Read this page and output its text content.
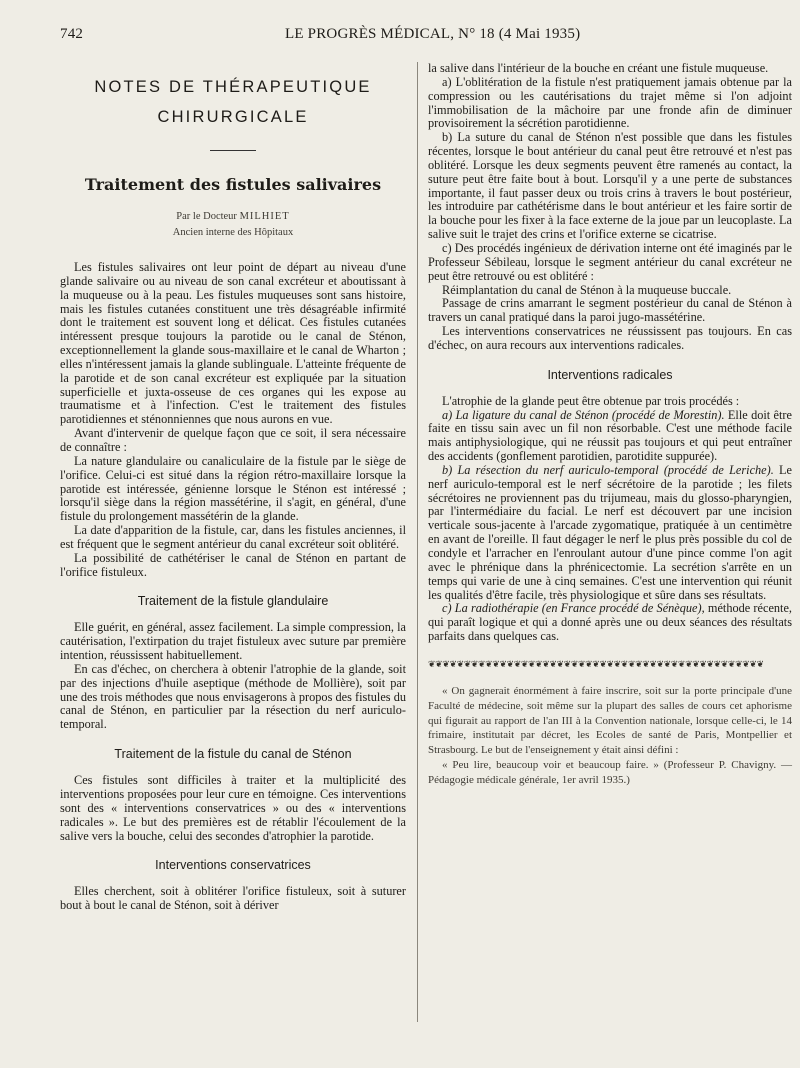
742	LE PROGRÈS MÉDICAL, N° 18 (4 Mai 1935)
NOTES DE THÉRAPEUTIQUE
CHIRURGICALE
Traitement des fistules salivaires
Par le Docteur MILHIET
Ancien interne des Hôpitaux

Les fistules salivaires ont leur point de départ au niveau d'une glande salivaire ou au niveau de son canal excréteur et aboutissant à la muqueuse ou à la peau. Les fistules muqueuses sont sans histoire, mais les fistules cutanées constituent une très désagréable infirmité dont le traitement est souvent long et délicat. Ces fistules cutanées intéressent presque toujours la parotide ou le canal de Sténon, exceptionnellement la glande sous-maxillaire et le canal de Wharton ; elles n'intéressent jamais la glande sublinguale. L'atteinte fréquente de la parotide et de son canal excréteur est expliquée par la situation superficielle et juxta-osseuse de ces organes qui les expose au traumatisme et à l'infection. C'est le traitement des fistules parotidiennes et sténonniennes que nous aurons en vue.

Avant d'intervenir de quelque façon que ce soit, il sera nécessaire de connaître :

La nature glandulaire ou canaliculaire de la fistule par le siège de l'orifice. Celui-ci est situé dans la région rétro-maxillaire lorsque la parotide est intéressée, génienne lorsque le Sténon est intéressé ; lorsqu'il siège dans la région massétérine, il s'agit, en général, d'une fistule du prolongement massétérin de la glande.

La date d'apparition de la fistule, car, dans les fistules anciennes, il est fréquent que le segment antérieur du canal excréteur soit oblitéré.

La possibilité de cathétériser le canal de Sténon en partant de l'orifice fistuleux.

Traitement de la fistule glandulaire

Elle guérit, en général, assez facilement. La simple compression, la cautérisation, l'extirpation du trajet fistuleux avec suture par première intention, réussissent habituellement.

En cas d'échec, on cherchera à obtenir l'atrophie de la glande, soit par des injections d'huile aseptique (méthode de Mollière), soit par une des trois méthodes que nous envisagerons à propos des fistules du canal de Sténon, en particulier par la résection du nerf auriculo-temporal.

Traitement de la fistule du canal de Sténon

Ces fistules sont difficiles à traiter et la multiplicité des interventions proposées pour leur cure en témoigne. Ces interventions sont des « interventions conservatrices » ou des « interventions radicales ». Le but des premières est de rétablir l'écoulement de la salive vers la bouche, celui des secondes d'atrophier la parotide.

Interventions conservatrices

Elles cherchent, soit à oblitérer l'orifice fistuleux, soit à suturer bout à bout le canal de Sténon, soit à dériver

la salive dans l'intérieur de la bouche en créant une fistule muqueuse.

a) L'oblitération de la fistule n'est pratiquement jamais obtenue par la compression ou les cautérisations du trajet même si l'on adjoint l'immobilisation de la mâchoire par une fronde afin de diminuer provisoirement la sécrétion parotidienne.

b) La suture du canal de Sténon n'est possible que dans les fistules récentes, lorsque le bout antérieur du canal peut être retrouvé et n'est pas oblitéré. Lorsque les deux segments peuvent être ramenés au contact, la suture peut être faite bout à bout. Lorsqu'il y a une perte de substances importante, il faut passer deux ou trois crins à travers le bout postérieur, les introduire par cathétérisme dans le bout antérieur et les faire sortir de la bouche pour les fixer à la face externe de la joue par un leucoplaste. La salive suit le trajet des crins et l'orifice externe se cicatrise.

c) Des procédés ingénieux de dérivation interne ont été imaginés par le Professeur Sébileau, lorsque le segment antérieur du canal excréteur ne peut être retrouvé ou est oblitéré :

Réimplantation du canal de Sténon à la muqueuse buccale.

Passage de crins amarrant le segment postérieur du canal de Sténon à travers un canal pratiqué dans la paroi jugo-massétérine.

Les interventions conservatrices ne réussissent pas toujours. En cas d'échec, on aura recours aux interventions radicales.

Interventions radicales

L'atrophie de la glande peut être obtenue par trois procédés :

a) La ligature du canal de Sténon (procédé de Morestin). Elle doit être faite en tissu sain avec un fil non résorbable. C'est une méthode facile mais antiphysiologique, qui ne réussit pas toujours et qui peut entraîner des accidents (gonflement parotidien, parotidite suppurée).

b) La résection du nerf auriculo-temporal (procédé de Leriche). Le nerf auriculo-temporal est le nerf sécrétoire de la parotide ; les filets sécrétoires ne proviennent pas du trijumeau, mais du glosso-pharyngien, par l'intermédiaire du facial. Le nerf est découvert par une incision verticale sous-jacente à l'arcade zygomatique, pratiquée à un centimètre en avant de l'oreille. Il faut dégager le nerf le plus près possible du col de condyle et l'arracher en l'enroulant autour d'une pince comme l'on agit avec le phrénique dans la phrénicectomie. La secrétion s'arrête en un temps qui varie de une à cinq semaines. C'est une intervention qui réunit les qualités d'être facile, très physiologique et sûre dans ses résultats.

c) La radiothérapie (en France procédé de Sénèque), méthode récente, qui paraît logique et qui a donné après une ou deux séances des résultats parfaits dans quelques cas.

❦❦❦❦❦❦❦❦❦❦❦❦❦❦❦❦❦❦❦❦❦❦❦❦❦❦❦❦❦❦❦❦❦❦❦❦❦❦❦❦❦❦❦❦❦❦❦

« On gagnerait énormément à faire inscrire, soit sur la porte principale d'une Faculté de médecine, soit même sur la plupart des salles de cours cet aphorisme qui figurait au rapport de l'an III à la Convention nationale, lorsque celle-ci, le 14 frimaire, institutait par décret, les Ecoles de santé de Paris, Montpellier et Strasbourg. Le but de l'enseignement y était ainsi défini :

« Peu lire, beaucoup voir et beaucoup faire. » (Professeur P. Chavigny. — Pédagogie médicale générale, 1er avril 1935.)
